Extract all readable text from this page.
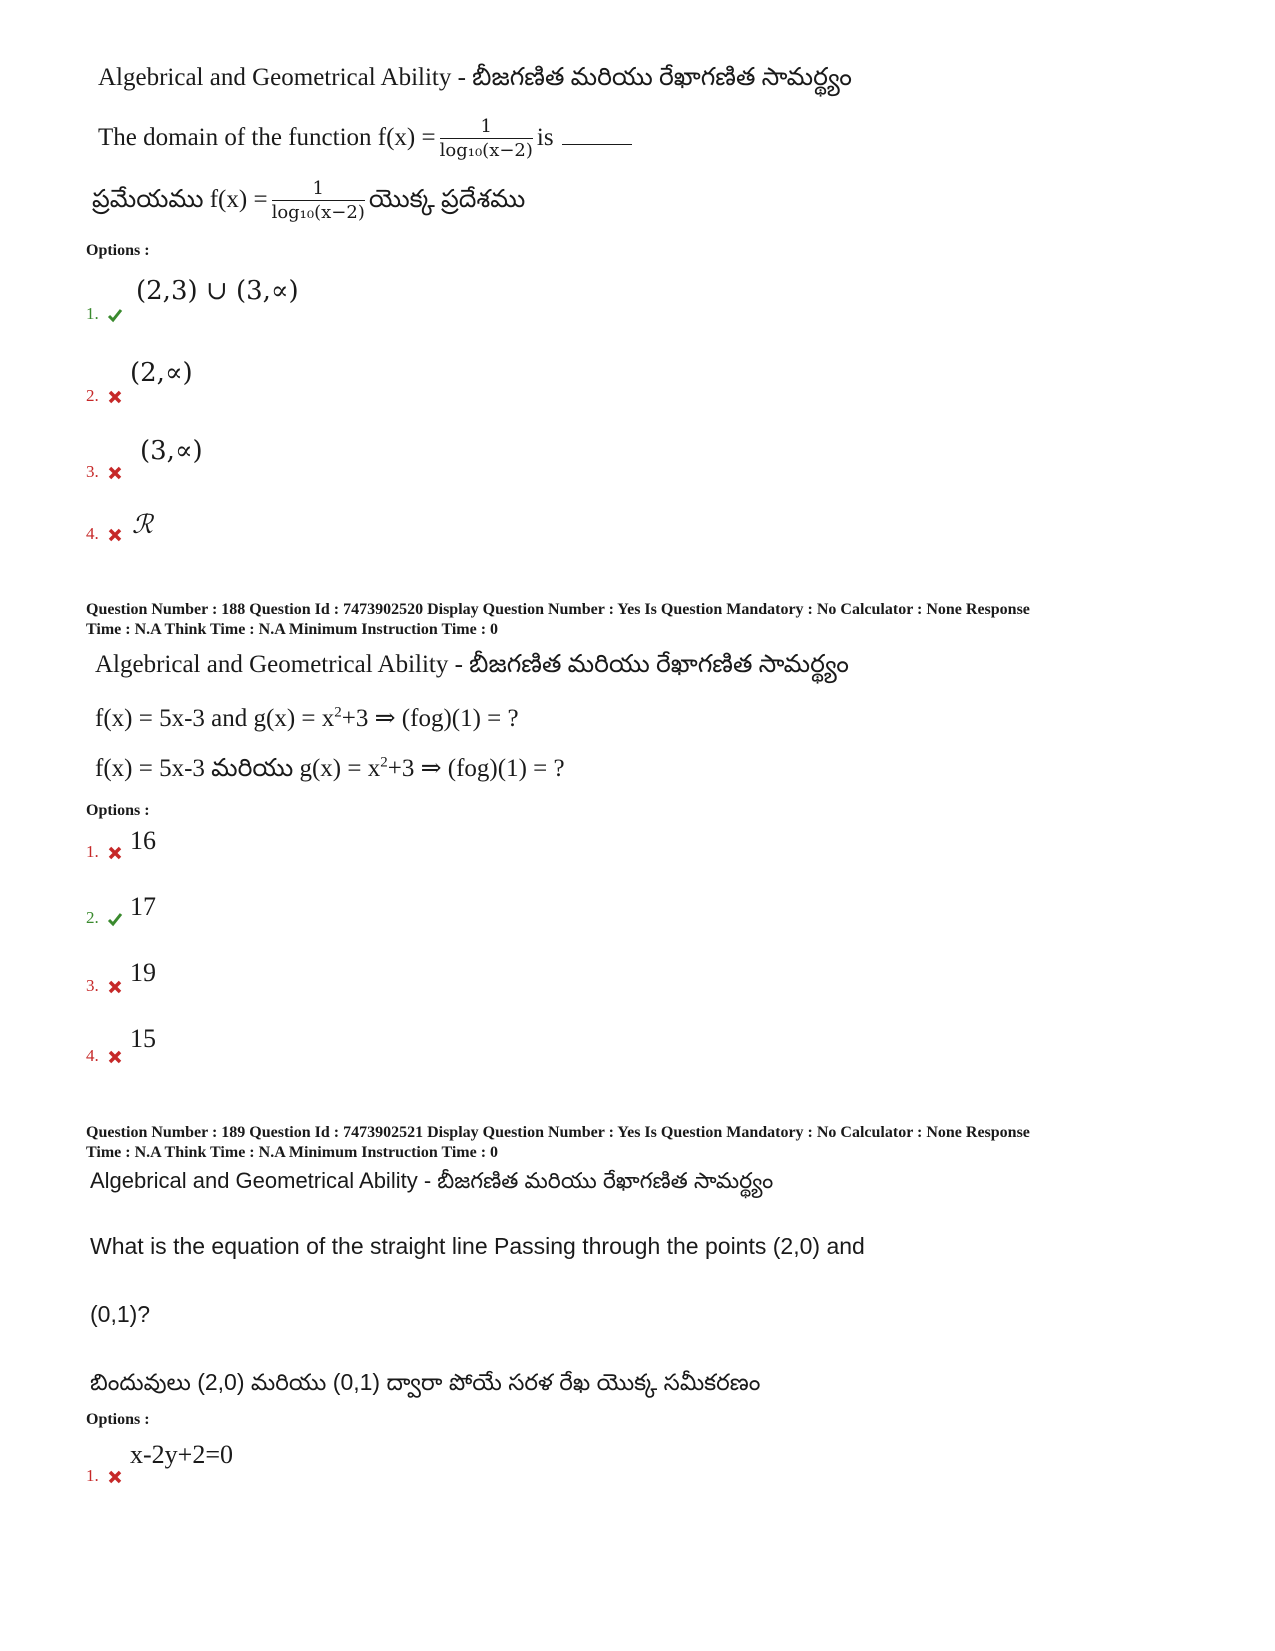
Algebrical and Geometrical Ability - బీజగణిత మరియు రేఖాగణిత సామర్థ్యం
The domain of the function $f(x) = \frac{1}{\text{log₁₀(x−2)}}$ is
ప్రమేయము $f(x) = \frac{1}{\text{log₁₀(x−2)}}$ యొక్క ప్రదేశము
Options :
1.
(2,3) ∪ (3,∝)
2.
(2,∝)
3.
(3,∝)
4.	ℛ
Question Number : 188 Question Id : 7473902520 Display Question Number : Yes Is Question Mandatory : No Calculator : None Response
Time : N.A Think Time : N.A Minimum Instruction Time : 0
Algebrical and Geometrical Ability - బీజగణిత మరియు రేఖాగణిత సామర్థ్యం
f(x) = 5x-3 and $g(x) = x^2+3$ ⇒ (fog)(1) = ?
f(x) = 5x-3 మరియు $g(x) = x^2+3$ ⇒ (fog)(1) = ?
Options :
1.	16
2.	17
3.	19
4.
15
Question Number : 189 Question Id : 7473902521 Display Question Number : Yes Is Question Mandatory : No Calculator : None Response
Time : N.A Think Time : N.A Minimum Instruction Time : 0
Algebrical and Geometrical Ability - బీజగణిత మరియు రేఖాగణిత సామర్థ్యం
What is the equation of the straight line Passing through the points (2,0) and
(0,1)?
బిందువులు (2,0) మరియు (0,1) ద్వారా పోయే సరళ రేఖ యొక్క సమీకరణం
Options :
1.
x-2y+2=0
